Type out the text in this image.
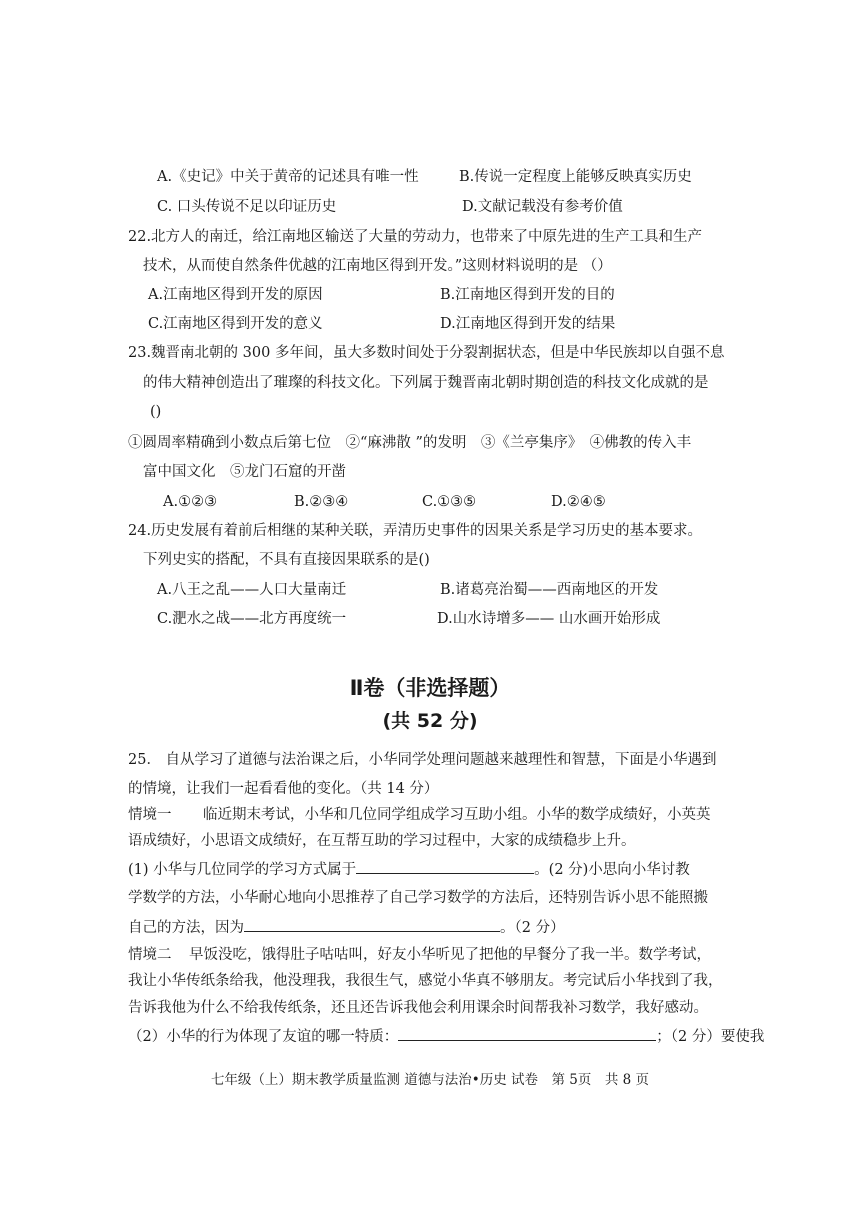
A.《史记》中关于黄帝的记述具有唯一性	B.传说一定程度上能够反映真实历史
C. 口头传说不足以印证历史	D.文献记载没有参考价值
22.北方人的南迁，给江南地区输送了大量的劳动力，也带来了中原先进的生产工具和生产
技术，从而使自然条件优越的江南地区得到开发。”这则材料说明的是 （）
A.江南地区得到开发的原因	B.江南地区得到开发的目的
C.江南地区得到开发的意义	D.江南地区得到开发的结果
23.魏晋南北朝的 300 多年间，虽大多数时间处于分裂割据状态，但是中华民族却以自强不息
的伟大精神创造出了璀璨的科技文化。下列属于魏晋南北朝时期创造的科技文化成就的是
()
①圆周率精确到小数点后第七位　②“麻沸散 ”的发明　③《兰亭集序》　④佛教的传入丰
富中国文化　⑤龙门石窟的开凿
A.①②③	B.②③④	C.①③⑤	D.②④⑤
24.历史发展有着前后相继的某种关联，弄清历史事件的因果关系是学习历史的基本要求。
下列史实的搭配，不具有直接因果联系的是()
A.八王之乱——人口大量南迁	B.诸葛亮治蜀——西南地区的开发
C.淝水之战——北方再度统一	D.山水诗增多—— 山水画开始形成
Ⅱ卷（非选择题）
(共 52 分)
25． 自从学习了道德与法治课之后，小华同学处理问题越来越理性和智慧，下面是小华遇到
的情境，让我们一起看看他的变化。（共 14 分）
情境一 临近期末考试，小华和几位同学组成学习互助小组。小华的数学成绩好，小英英
语成绩好，小思语文成绩好，在互帮互助的学习过程中，大家的成绩稳步上升。
(1) 小华与几位同学的学习方式属于	。(2 分)小思向小华讨教
学数学的方法，小华耐心地向小思推荐了自己学习数学的方法后，还特别告诉小思不能照搬
自己的方法，因为	。（2 分）
情境二 早饭没吃，饿得肚子咕咕叫，好友小华听见了把他的早餐分了我一半。数学考试，
我让小华传纸条给我，他没理我，我很生气，感觉小华真不够朋友。考完试后小华找到了我，
告诉我他为什么不给我传纸条，还且还告诉我他会利用课余时间帮我补习数学，我好感动。
（2）小华的行为体现了友谊的哪一特质：	；（2 分）要使我
七年级（上）期末教学质量监测 道德与法治•历史 试卷　第 5页　共 8 页
